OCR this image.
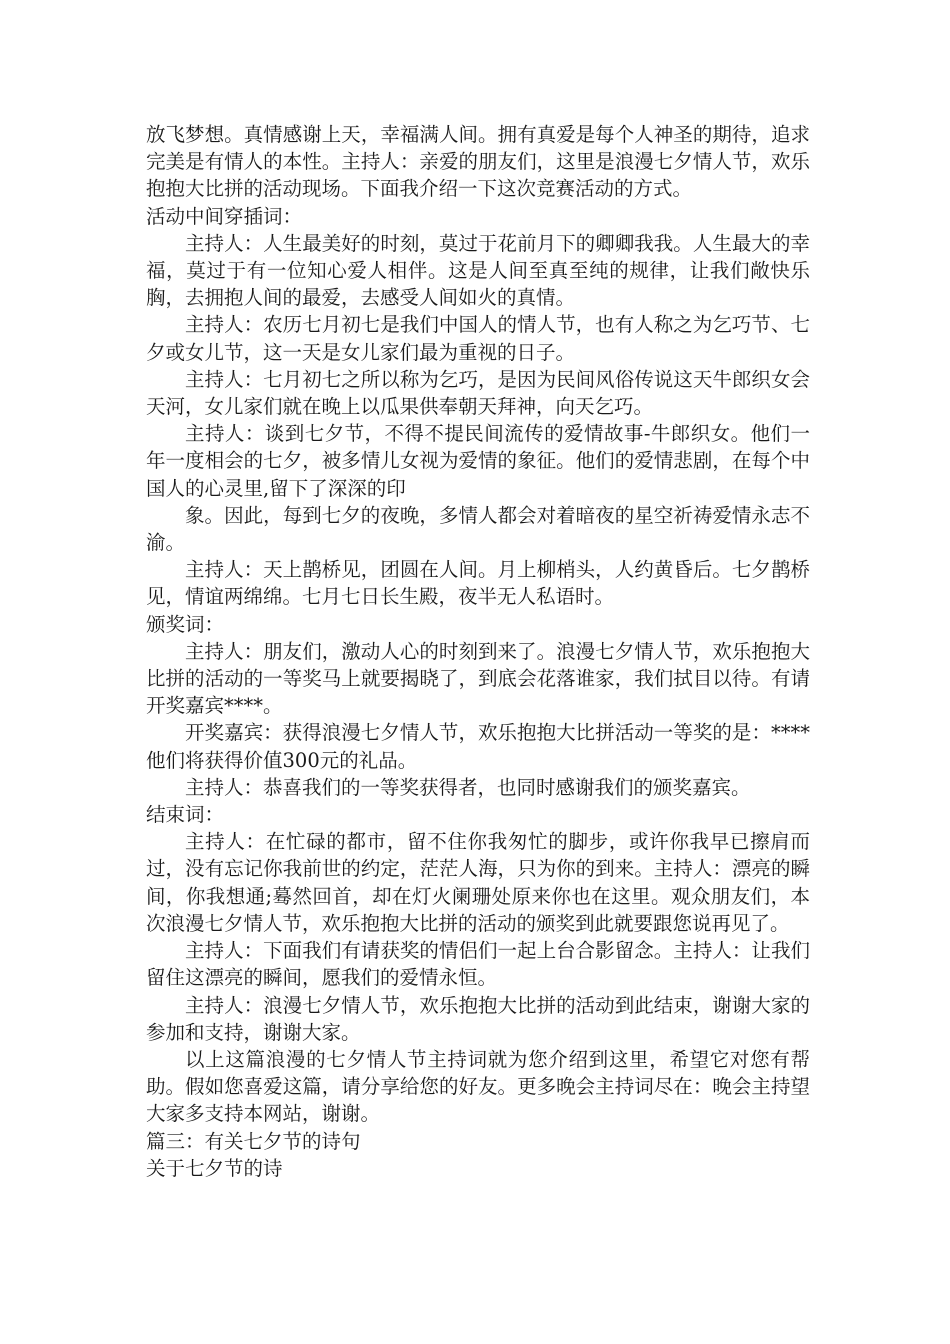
放飞梦想。真情感谢上天，幸福满人间。拥有真爱是每个人神圣的期待，追求完美是有情人的本性。主持人：亲爱的朋友们，这里是浪漫七夕情人节，欢乐抱抱大比拼的活动现场。下面我介绍一下这次竞赛活动的方式。

活动中间穿插词：

主持人：人生最美好的时刻，莫过于花前月下的卿卿我我。人生最大的幸福，莫过于有一位知心爱人相伴。这是人间至真至纯的规律，让我们敞快乐胸，去拥抱人间的最爱，去感受人间如火的真情。

主持人：农历七月初七是我们中国人的情人节，也有人称之为乞巧节、七夕或女儿节，这一天是女儿家们最为重视的日子。

主持人：七月初七之所以称为乞巧，是因为民间风俗传说这天牛郎织女会天河，女儿家们就在晚上以瓜果供奉朝天拜神，向天乞巧。

主持人：谈到七夕节，不得不提民间流传的爱情故事-牛郎织女。他们一年一度相会的七夕，被多情儿女视为爱情的象征。他们的爱情悲剧，在每个中国人的心灵里,留下了深深的印

象。因此，每到七夕的夜晚，多情人都会对着暗夜的星空祈祷爱情永志不渝。

主持人：天上鹊桥见，团圆在人间。月上柳梢头，人约黄昏后。七夕鹊桥见，情谊两绵绵。七月七日长生殿，夜半无人私语时。

颁奖词：

主持人：朋友们，激动人心的时刻到来了。浪漫七夕情人节，欢乐抱抱大比拼的活动的一等奖马上就要揭晓了，到底会花落谁家，我们拭目以待。有请开奖嘉宾****。

开奖嘉宾：获得浪漫七夕情人节，欢乐抱抱大比拼活动一等奖的是：****他们将获得价值300元的礼品。

主持人：恭喜我们的一等奖获得者，也同时感谢我们的颁奖嘉宾。

结束词：

主持人：在忙碌的都市，留不住你我匆忙的脚步，或许你我早已擦肩而过，没有忘记你我前世的约定，茫茫人海，只为你的到来。主持人：漂亮的瞬间，你我想通;蓦然回首，却在灯火阑珊处原来你也在这里。观众朋友们，本次浪漫七夕情人节，欢乐抱抱大比拼的活动的颁奖到此就要跟您说再见了。

主持人：下面我们有请获奖的情侣们一起上台合影留念。主持人：让我们留住这漂亮的瞬间，愿我们的爱情永恒。

主持人：浪漫七夕情人节，欢乐抱抱大比拼的活动到此结束，谢谢大家的参加和支持，谢谢大家。

以上这篇浪漫的七夕情人节主持词就为您介绍到这里，希望它对您有帮助。假如您喜爱这篇，请分享给您的好友。更多晚会主持词尽在：晚会主持望大家多支持本网站，谢谢。

篇三：有关七夕节的诗句

关于七夕节的诗
